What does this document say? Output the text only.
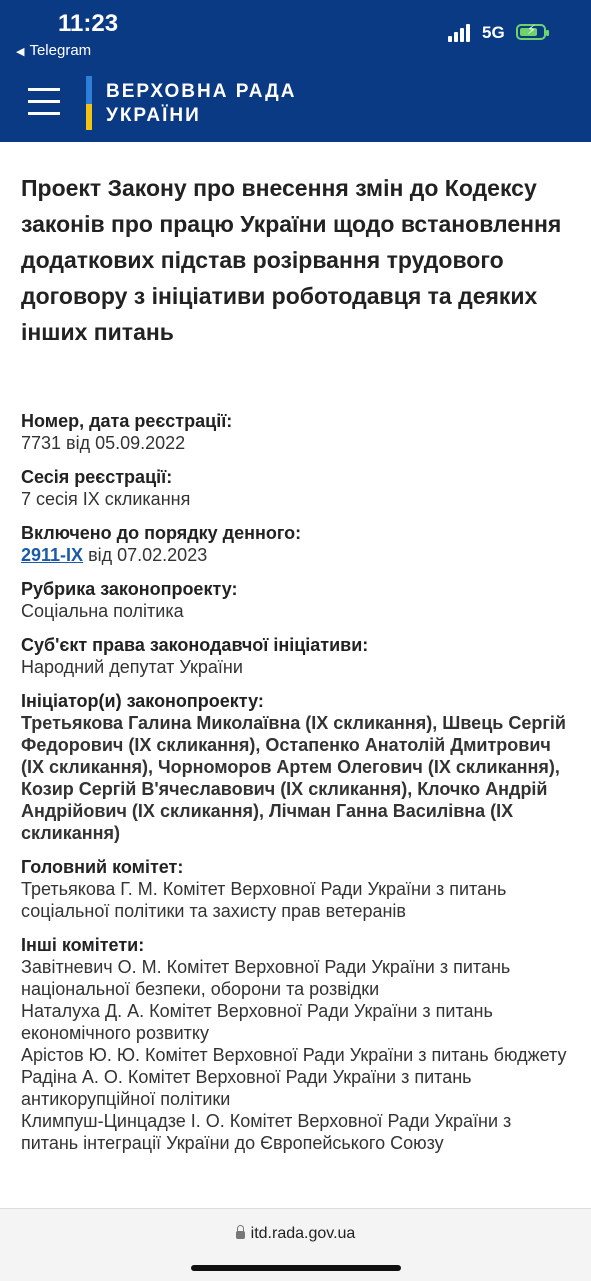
11:23
◀ Telegram
5G ⚡
ВЕРХОВНА РАДА
УКРАЇНИ
Проект Закону про внесення змін до Кодексу законів про працю України щодо встановлення додаткових підстав розірвання трудового договору з ініціативи роботодавця та деяких інших питань
Номер, дата реєстрації:
7731 від 05.09.2022
Сесія реєстрації:
7 сесія IX скликання
Включено до порядку денного:
2911-IX від 07.02.2023
Рубрика законопроекту:
Соціальна політика
Суб'єкт права законодавчої ініціативи:
Народний депутат України
Ініціатор(и) законопроекту:
Третьякова Галина Миколаївна (IX скликання), Швець Сергій Федорович (IX скликання), Остапенко Анатолій Дмитрович (IX скликання), Чорноморов Артем Олегович (IX скликання), Козир Сергій В'ячеславович (IX скликання), Клочко Андрій Андрійович (IX скликання), Лічман Ганна Василівна (IX скликання)
Головний комітет:
Третьякова Г. М. Комітет Верховної Ради України з питань соціальної політики та захисту прав ветеранів
Інші комітети:
Завітневич О. М. Комітет Верховної Ради України з питань національної безпеки, оборони та розвідки
Наталуха Д. А. Комітет Верховної Ради України з питань економічного розвитку
Арістов Ю. Ю. Комітет Верховної Ради України з питань бюджету
Радіна А. О. Комітет Верховної Ради України з питань антикорупційної політики
Климпуш-Цинцадзе І. О. Комітет Верховної Ради України з питань інтеграції України до Європейського Союзу
itd.rada.gov.ua
